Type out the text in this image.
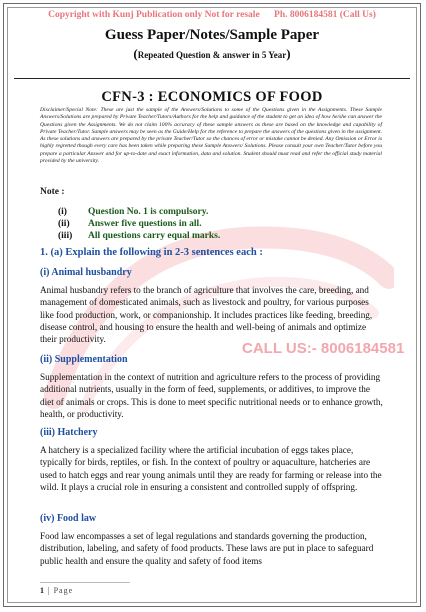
Copyright with Kunj Publication only Not for resale Ph. 8006184581 (Call Us)
Guess Paper/Notes/Sample Paper
(Repeated Question & answer in 5 Year)
CALL US:- 8006184581
CFN-3 : ECONOMICS OF FOOD
Disclaimer/Special Note: These are just the sample of the Answers/Solutions to some of the Questions given in the Assignments. These Sample Answers/Solutions are prepared by Private Teacher/Tutors/Authors for the help and guidance of the student to get an idea of how he/she can answer the Questions given the Assignments. We do not claim 100% accuracy of these sample answers as these are based on the knowledge and capability of Private Teacher/Tutor. Sample answers may be seen as the Guide/Help for the reference to prepare the answers of the questions given in the assignment. As these solutions and answers are prepared by the private Teacher/Tutor so the chances of error or mistake cannot be denied. Any Omission or Error is highly regretted though every care has been taken while preparing these Sample Answers/ Solutions. Please consult your own Teacher/Tutor before you prepare a particular Answer and for up-to-date and exact information, data and solution. Student should must read and refer the official study material provided by the university.
Note :
(i)	Question No. 1 is compulsory.
(ii)	Answer five questions in all.
(iii)	All questions carry equal marks.
1. (a) Explain the following in 2-3 sentences each :
(i) Animal husbandry
Animal husbandry refers to the branch of agriculture that involves the care, breeding, and management of domesticated animals, such as livestock and poultry, for various purposes like food production, work, or companionship. It includes practices like feeding, breeding, disease control, and housing to ensure the health and well-being of animals and optimize their productivity.
(ii) Supplementation
Supplementation in the context of nutrition and agriculture refers to the process of providing additional nutrients, usually in the form of feed, supplements, or additives, to improve the diet of animals or crops. This is done to meet specific nutritional needs or to enhance growth, health, or productivity.
(iii) Hatchery
A hatchery is a specialized facility where the artificial incubation of eggs takes place, typically for birds, reptiles, or fish. In the context of poultry or aquaculture, hatcheries are used to hatch eggs and rear young animals until they are ready for farming or release into the wild. It plays a crucial role in ensuring a consistent and controlled supply of offspring.
(iv) Food law
Food law encompasses a set of legal regulations and standards governing the production, distribution, labeling, and safety of food products. These laws are put in place to safeguard public health and ensure the quality and safety of food items
1 | Page
